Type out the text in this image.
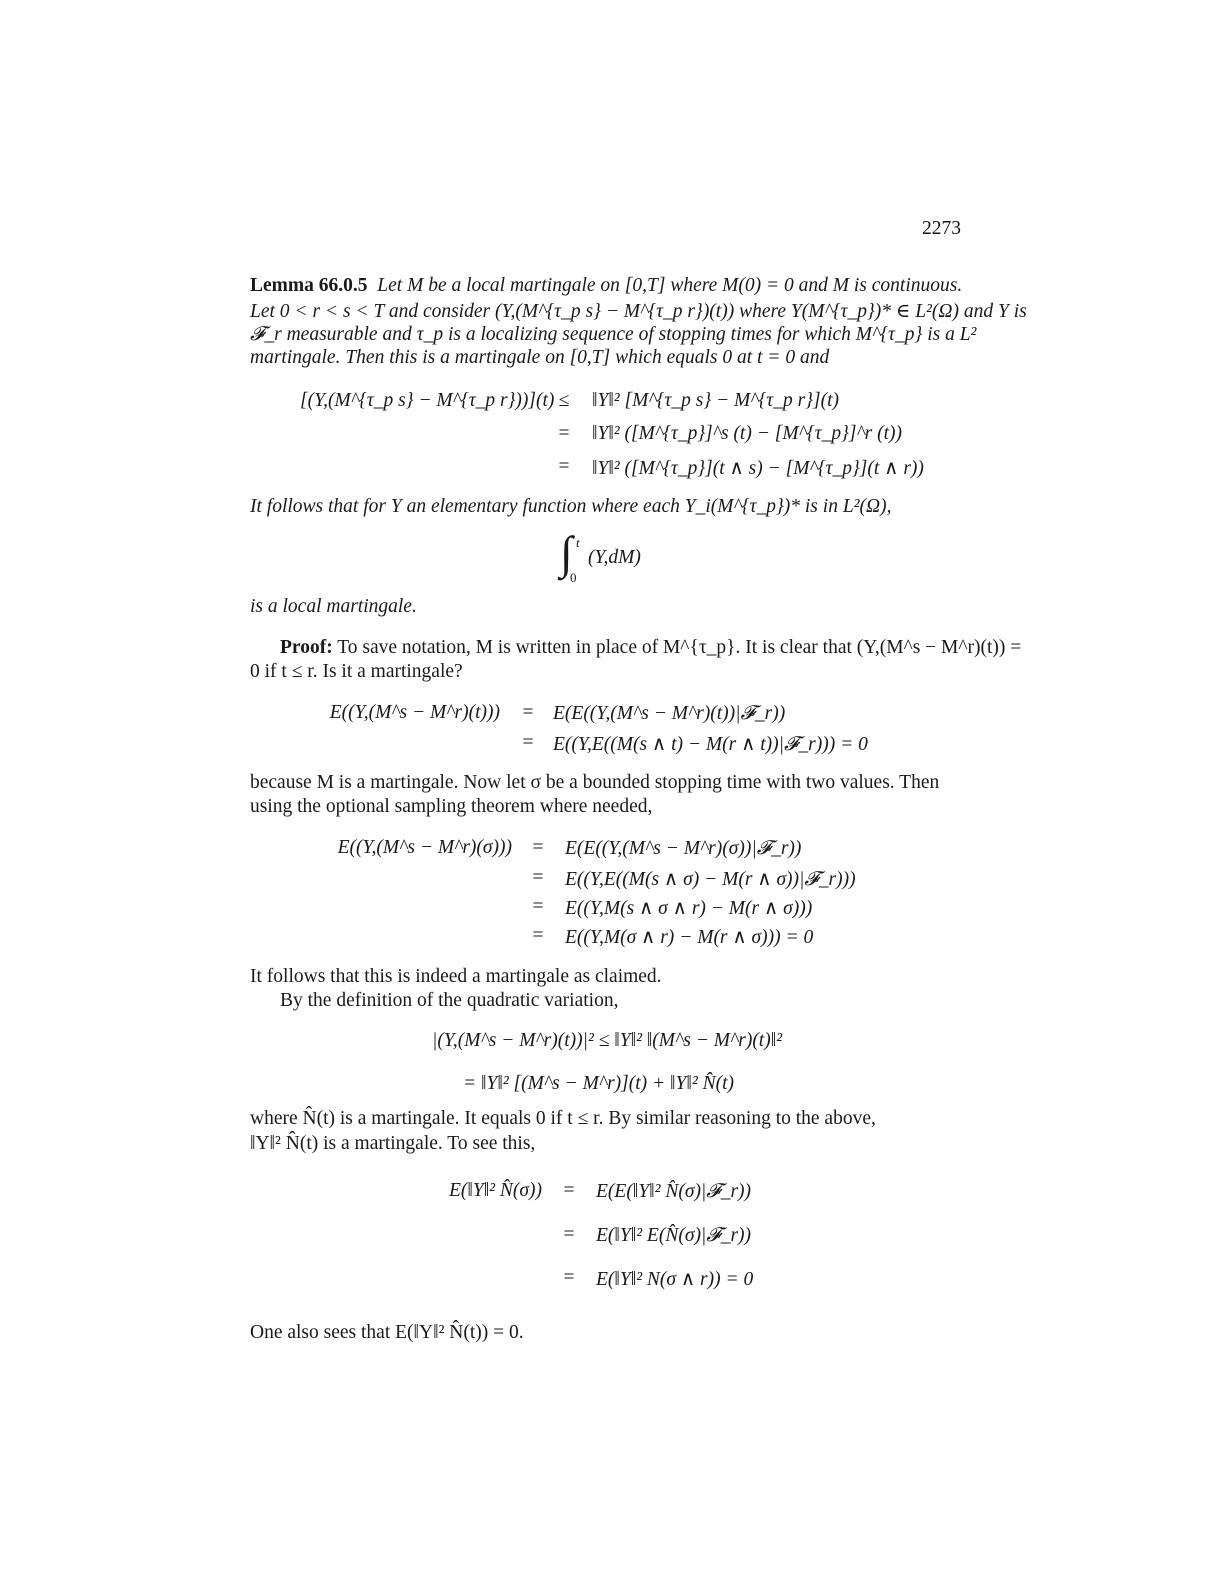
2273
Lemma 66.0.5 Let M be a local martingale on [0,T] where M(0) = 0 and M is continuous.
Let 0 < r < s < T and consider (Y,(M^{τ_p s} − M^{τ_p r})(t)) where Y(M^{τ_p})* ∈ L²(Ω) and Y is
𝓕_r measurable and τ_p is a localizing sequence of stopping times for which M^{τ_p} is a L²
martingale. Then this is a martingale on [0,T] which equals 0 at t = 0 and
[(Y,(M^{τ_p s} − M^{τ_p r}))](t) ≤	‖Y‖² [M^{τ_p s} − M^{τ_p r}](t)
=	‖Y‖² ([M^{τ_p}]^s (t) − [M^{τ_p}]^r (t))
=	‖Y‖² ([M^{τ_p}](t ∧ s) − [M^{τ_p}](t ∧ r))
It follows that for Y an elementary function where each Y_i(M^{τ_p})* is in L²(Ω),
∫ t
0
(Y,dM)
is a local martingale.
Proof: To save notation, M is written in place of M^{τ_p}. It is clear that (Y,(M^s − M^r)(t)) =
0 if t ≤ r. Is it a martingale?
E((Y,(M^s − M^r)(t)))	=	E(E((Y,(M^s − M^r)(t))|𝓕_r))
=	E((Y,E((M(s ∧ t) − M(r ∧ t))|𝓕_r))) = 0
because M is a martingale. Now let σ be a bounded stopping time with two values. Then
using the optional sampling theorem where needed,
E((Y,(M^s − M^r)(σ)))	=	E(E((Y,(M^s − M^r)(σ))|𝓕_r))
=	E((Y,E((M(s ∧ σ) − M(r ∧ σ))|𝓕_r)))
=	E((Y,M(s ∧ σ ∧ r) − M(r ∧ σ)))
=	E((Y,M(σ ∧ r) − M(r ∧ σ))) = 0
It follows that this is indeed a martingale as claimed.
By the definition of the quadratic variation,
|(Y,(M^s − M^r)(t))|² ≤ ‖Y‖² ‖(M^s − M^r)(t)‖²
= ‖Y‖² [(M^s − M^r)](t) + ‖Y‖² N̂(t)
where N̂(t) is a martingale. It equals 0 if t ≤ r. By similar reasoning to the above,
‖Y‖² N̂(t) is a martingale. To see this,
E(‖Y‖² N̂(σ))	=	E(E(‖Y‖² N̂(σ)|𝓕_r))
=	E(‖Y‖² E(N̂(σ)|𝓕_r))
=	E(‖Y‖² N(σ ∧ r)) = 0
One also sees that E(‖Y‖² N̂(t)) = 0.
